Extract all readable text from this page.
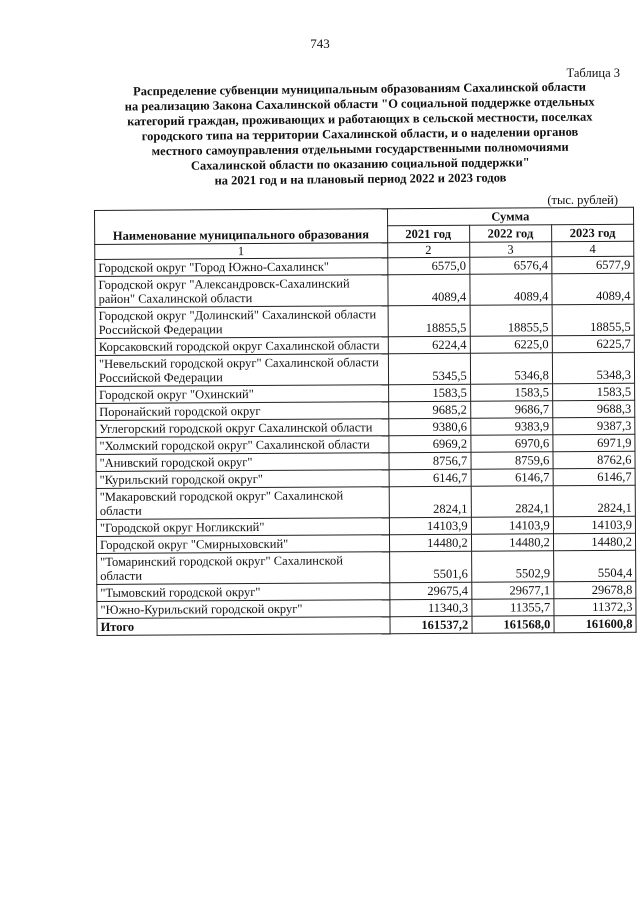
743
Таблица 3
Распределение субвенции муниципальным образованиям Сахалинской области
на реализацию Закона Сахалинской области "О социальной поддержке отдельных
категорий граждан, проживающих и работающих в сельской местности, поселках
городского типа на территории Сахалинской области, и о наделении органов
местного самоуправления отдельными государственными полномочиями
Сахалинской области по оказанию социальной поддержки"
на 2021 год и на плановый период 2022 и 2023 годов
(тыс. рублей)
Наименование муниципального образования	Сумма		
	2021 год	2022 год	2023 год
1	2	3	4
Городской округ "Город Южно-Сахалинск"	6575,0	6576,4	6577,9
Городской округ "Александровск-Сахалинский район" Сахалинской области	4089,4	4089,4	4089,4
Городской округ "Долинский" Сахалинской области Российской Федерации	18855,5	18855,5	18855,5
Корсаковский городской округ Сахалинской области	6224,4	6225,0	6225,7
"Невельский городской округ" Сахалинской области Российской Федерации	5345,5	5346,8	5348,3
Городской округ "Охинский"	1583,5	1583,5	1583,5
Поронайский городской округ	9685,2	9686,7	9688,3
Углегорский городской округ Сахалинской области	9380,6	9383,9	9387,3
"Холмский городской округ" Сахалинской области	6969,2	6970,6	6971,9
"Анивский городской округ"	8756,7	8759,6	8762,6
"Курильский городской округ"	6146,7	6146,7	6146,7
"Макаровский городской округ" Сахалинской области	2824,1	2824,1	2824,1
"Городской округ Ногликский"	14103,9	14103,9	14103,9
Городской округ "Смирныховский"	14480,2	14480,2	14480,2
"Томаринский городской округ" Сахалинской области	5501,6	5502,9	5504,4
"Тымовский городской округ"	29675,4	29677,1	29678,8
"Южно-Курильский городской округ"	11340,3	11355,7	11372,3
Итого	161537,2	161568,0	161600,8
